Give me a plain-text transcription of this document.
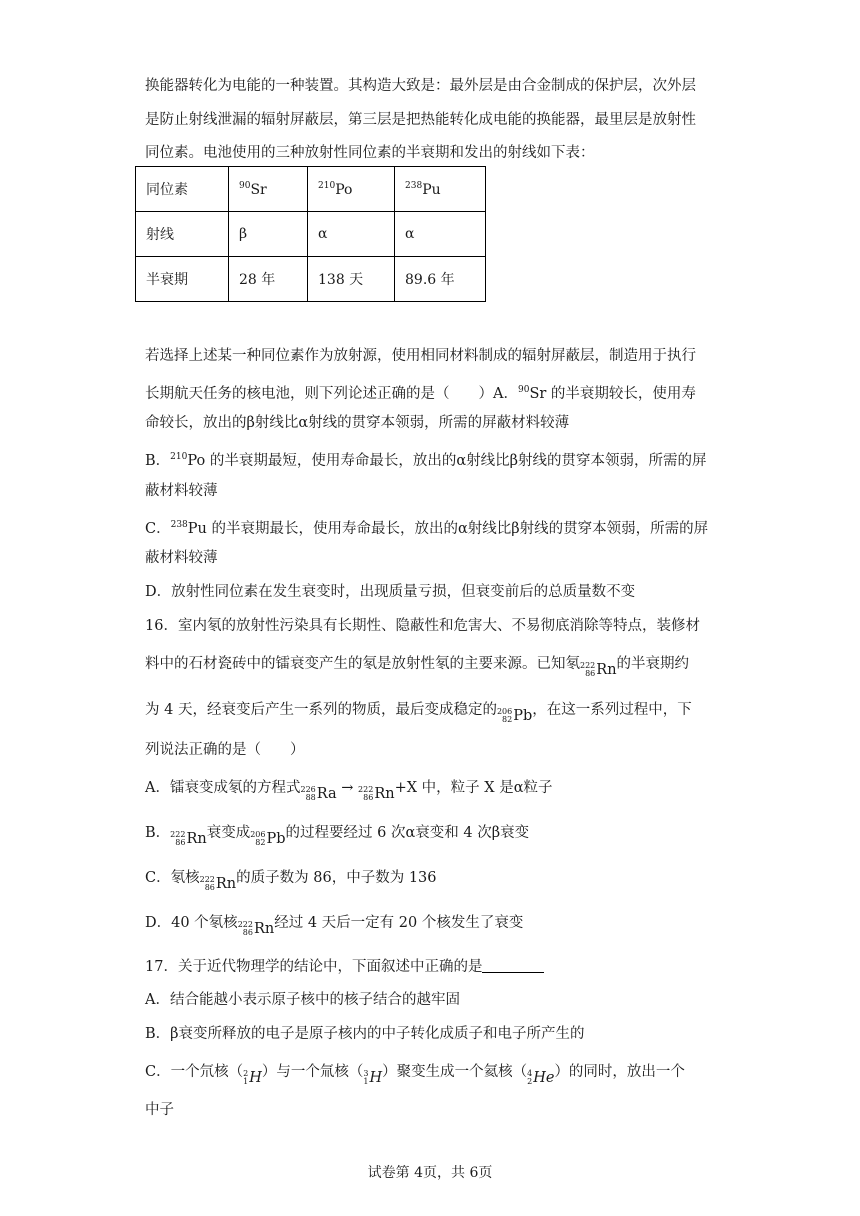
换能器转化为电能的一种装置。其构造大致是：最外层是由合金制成的保护层，次外层
是防止射线泄漏的辐射屏蔽层，第三层是把热能转化成电能的换能器，最里层是放射性
同位素。电池使用的三种放射性同位素的半衰期和发出的射线如下表：
同位素	$^{90}$Sr	$^{210}$Po	$^{238}$Pu
射线	β	α	α
半衰期	28 年	138 天	89.6 年
若选择上述某一种同位素作为放射源，使用相同材料制成的辐射屏蔽层，制造用于执行
长期航天任务的核电池，则下列论述正确的是（　　）A．$^{90}$Sr 的半衰期较长，使用寿
命较长，放出的β射线比α射线的贯穿本领弱，所需的屏蔽材料较薄
B．$^{210}$Po 的半衰期最短，使用寿命最长，放出的α射线比β射线的贯穿本领弱，所需的屏
蔽材料较薄
C．$^{238}$Pu 的半衰期最长，使用寿命最长，放出的α射线比β射线的贯穿本领弱，所需的屏
蔽材料较薄
D．放射性同位素在发生衰变时，出现质量亏损，但衰变前后的总质量数不变
16．室内氡的放射性污染具有长期性、隐蔽性和危害大、不易彻底消除等特点，装修材
料中的石材瓷砖中的镭衰变产生的氡是放射性氡的主要来源。已知氡 222
86 Rn 的半衰期约
为 4 天，经衰变后产生一系列的物质，最后变成稳定的 206
82 Pb ，在这一系列过程中，下
列说法正确的是（　　）
A．镭衰变成氡的方程式 226
88 Ra → 222
86 Rn +X 中，粒子 X 是α粒子
B． 222
86 Rn 衰变成 206
82 Pb 的过程要经过 6 次α衰变和 4 次β衰变
C．氡核 222
86 Rn 的质子数为 86，中子数为 136
D．40 个氡核 222
86 Rn 经过 4 天后一定有 20 个核发生了衰变
17．关于近代物理学的结论中，下面叙述中正确的是
A．结合能越小表示原子核中的核子结合的越牢固
B．β衰变所释放的电子是原子核内的中子转化成质子和电子所产生的
C．一个氘核（ 2
1 H ）与一个氚核（ 3
1 H ）聚变生成一个氦核（ 4
2 He ）的同时，放出一个
中子
试卷第 4页，共 6页
